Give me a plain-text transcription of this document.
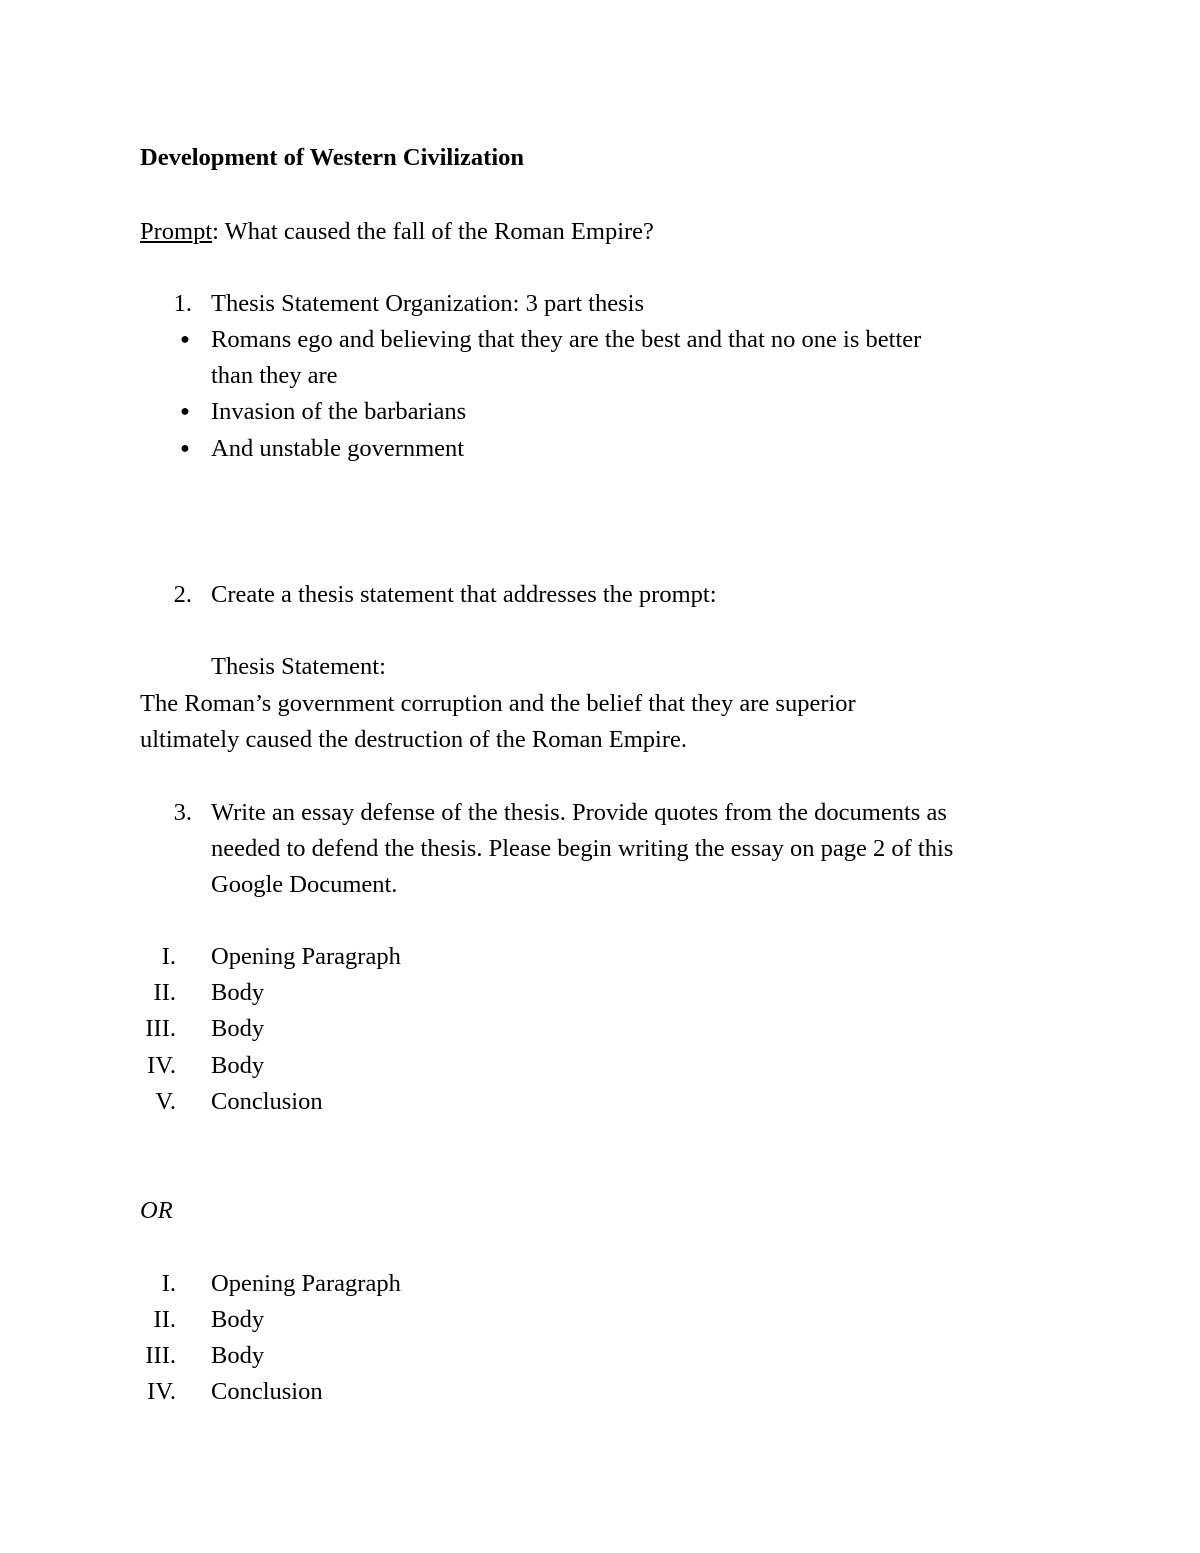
Development of Western Civilization
Prompt: What caused the fall of the Roman Empire?
1. Thesis Statement Organization: 3 part thesis
● Romans ego and believing that they are the best and that no one is better
than they are
● Invasion of the barbarians
● And unstable government
2. Create a thesis statement that addresses the prompt:
Thesis Statement:
The Roman’s government corruption and the belief that they are superior
ultimately caused the destruction of the Roman Empire.
3. Write an essay defense of the thesis. Provide quotes from the documents as
needed to defend the thesis. Please begin writing the essay on page 2 of this
Google Document.
I. Opening Paragraph
II. Body
III. Body
IV. Body
V. Conclusion
OR
I. Opening Paragraph
II. Body
III. Body
IV. Conclusion
